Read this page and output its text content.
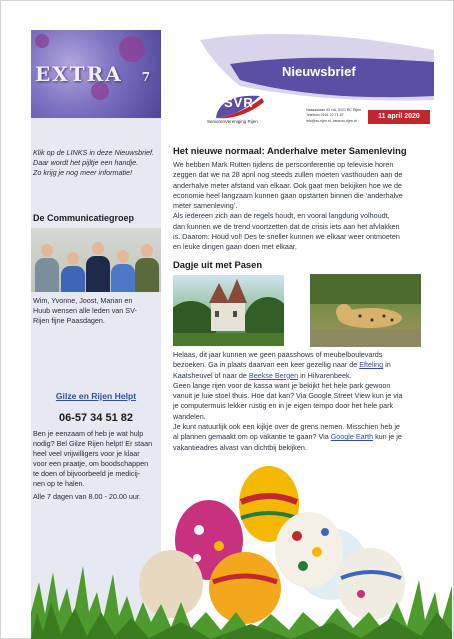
EXTRA 7
Klik op de LINKS in deze Nieuwsbrief.
Daar wordt het pijltje een handje.
Zo krijg je nog meer informatie!
De Communicatiegroep
Wim, Yvonne, Joost, Marian en
Huub wensen alle leden van SV-
Rijen fijne Paasdagen.
Gilze en Rijen Helpt
06-57 34 51 82
Ben je eenzaam of heb je wat hulp
nodig? Bel Gilze Rijen helpt! Er staan
heel veel vrijwilligers voor je klaar
voor een praatje, om boodschappen
te doen of bijvoorbeeld je medicij-
nen op te halen.
Alle 7 dagen van 8.00 - 20.00 uur.
Nieuwsbrief
SVR
SeniorenVereniging Rijen
Nassaulaan 43 HA, 5121 BC Rijen
Telefoon 0161 22 71 87
info@sv-rijen.nl, www.sv-rijen.nl
11 april 2020
Het nieuwe normaal: Anderhalve meter Samenleving
We hebben Mark Rutten tijdens de persconferentie op televisie horen
zeggen dat we na 28 april nog steeds zullen moeten vasthouden aan de
anderhalve meter afstand van elkaar. Ook gaat men bekijken hoe we de
economie heel langzaam kunnen gaan opstarten binnen die ‘anderhalve
meter samenleving’.
Als iedereen zich aan de regels houdt, en vooral langdurig volhoudt,
dan kunnen we de trend voortzetten dat de crisis iets aan het afvlakken
is. Daarom: Houd vol! Des te sneller kunnen we elkaar weer ontmoeten
en leuke dingen gaan doen met elkaar.
Dagje uit met Pasen
Helaas, dit jaar kunnen we geen paasshows of meubelboulevards
bezoeken. Ga in plaats daarvan een keer gezellig naar de Efteling in
Kaatsheuvel of naar de Beekse Bergen in Hilvarenbeek.
Geen lange rijen voor de kassa want je bekijkt het hele park gewoon
vanuit je luie stoel thuis. Hoe dat kan? Via Google Street View kun je via
je computermuis lekker rustig en in je eigen tempo door het hele park
wandelen.
Je kunt natuurlijk ook een kijkje over de grens nemen. Misschien heb je
al plannen gemaakt om op vakantie te gaan? Via Google Earth kun je je
vakantieadres alvast van dichtbij bekijken.
